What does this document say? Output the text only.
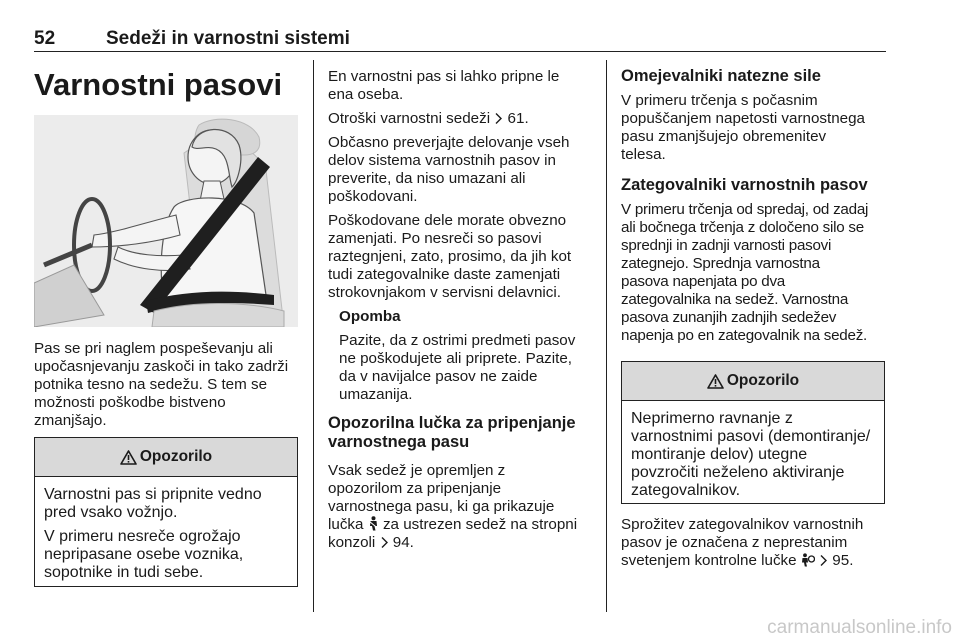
52	Sedeži in varnostni sistemi
Varnostni pasovi

Pas se pri naglem pospeševanju ali
upočasnjevanju zaskoči in tako zadrži
potnika tesno na sedežu. S tem se
možnosti poškodbe bistveno
zmanjšajo.

Opozorilo

Varnostni pas si pripnite vedno
pred vsako vožnjo.

V primeru nesreče ogrožajo
nepripasane osebe voznika,
sopotnike in tudi sebe.

En varnostni pas si lahko pripne le
ena oseba.

Otroški varnostni sedeži 61.

Občasno preverjajte delovanje vseh
delov sistema varnostnih pasov in
preverite, da niso umazani ali
poškodovani.

Poškodovane dele morate obvezno
zamenjati. Po nesreči so pasovi
raztegnjeni, zato, prosimo, da jih kot
tudi zategovalnike daste zamenjati
strokovnjakom v servisni delavnici.

Opomba

Pazite, da z ostrimi predmeti pasov
ne poškodujete ali priprete. Pazite,
da v navijalce pasov ne zaide
umazanija.

Opozorilna lučka za pripenjanje
varnostnega pasu

Vsak sedež je opremljen z
opozorilom za pripenjanje
varnostnega pasu, ki ga prikazuje
lučka za ustrezen sedež na stropni
konzoli 94.

Omejevalniki natezne sile

V primeru trčenja s počasnim
popuščanjem napetosti varnostnega
pasu zmanjšujejo obremenitev
telesa.

Zategovalniki varnostnih pasov

V primeru trčenja od spredaj, od zadaj
ali bočnega trčenja z določeno silo se
sprednji in zadnji varnosti pasovi
zategnejo. Sprednja varnostna
pasova napenjata po dva
zategovalnika na sedež. Varnostna
pasova zunanjih zadnjih sedežev
napenja po en zategovalnik na sedež.

Opozorilo

Neprimerno ravnanje z
varnostnimi pasovi (demontiranje/
montiranje delov) utegne
povzročiti neželeno aktiviranje
zategovalnikov.

Sprožitev zategovalnikov varnostnih
pasov je označena z neprestanim
svetenjem kontrolne lučke 95.

carmanualsonline.info
